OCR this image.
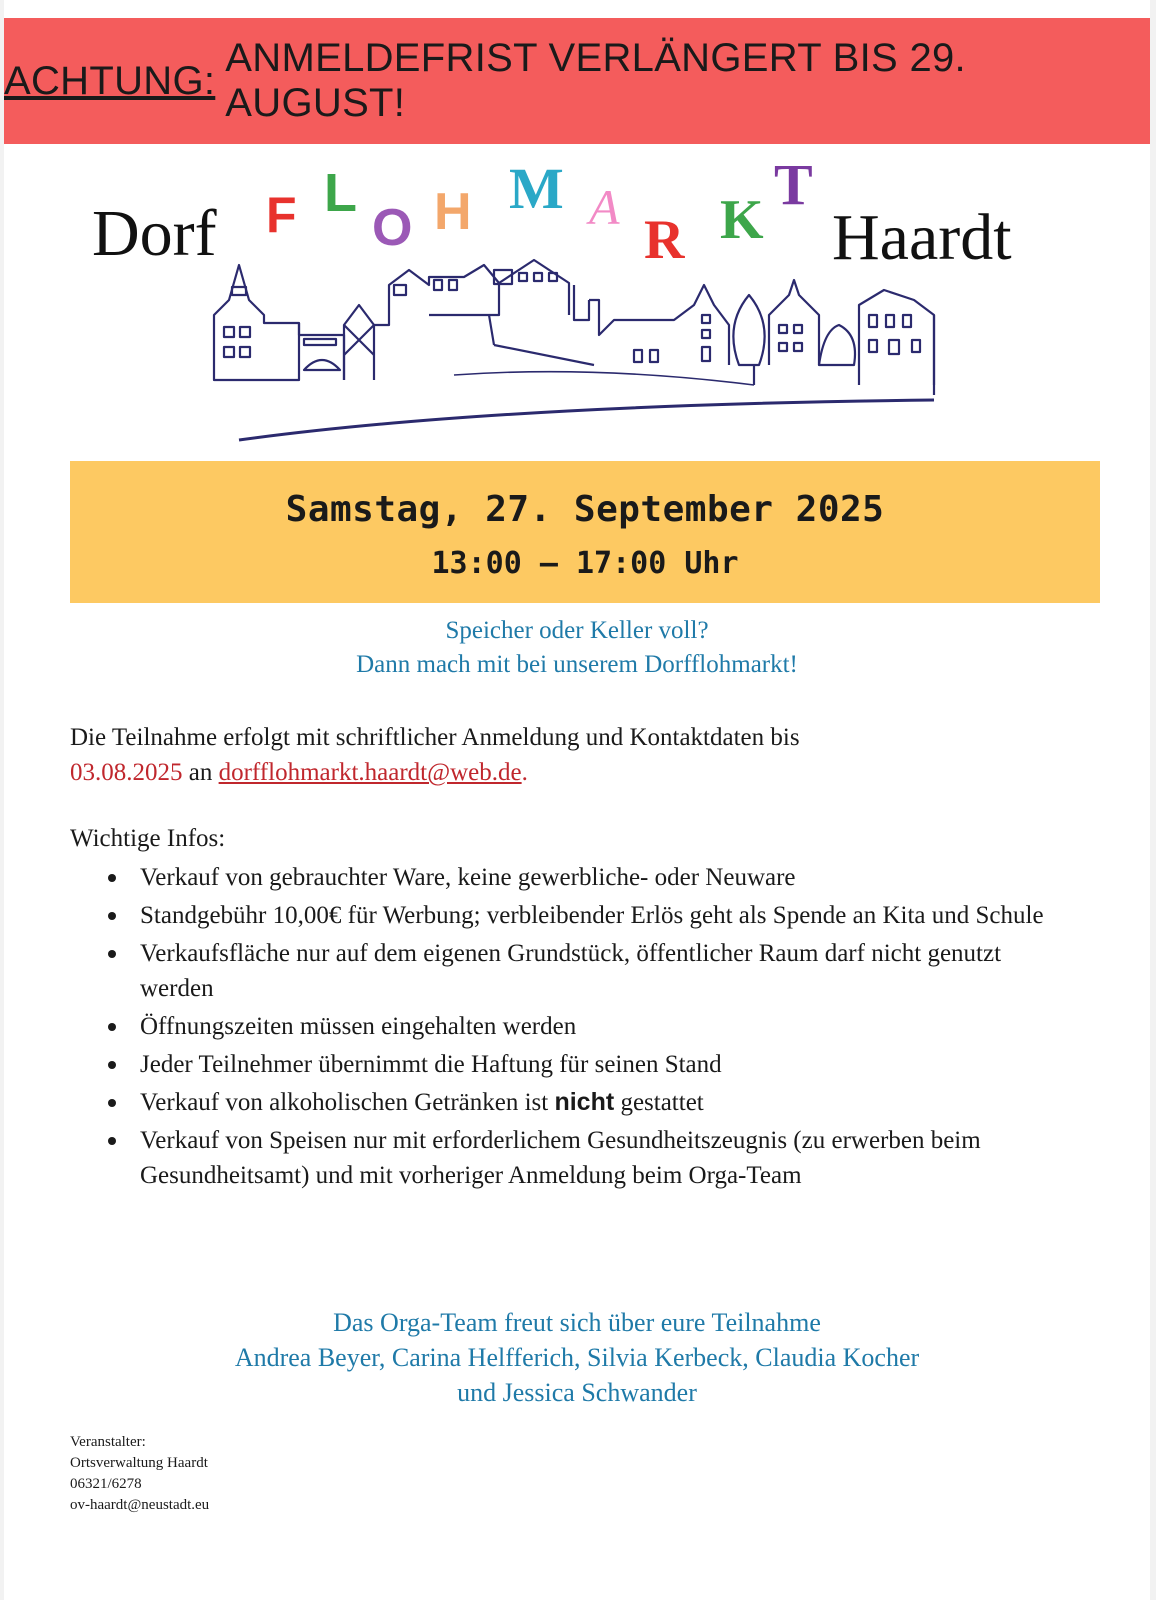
ACHTUNG:
ANMELDEFRIST VERLÄNGERT BIS 29. AUGUST!
Dorf	Haardt
F L
O H M A
R K
T
Samstag, 27. September 2025
13:00 – 17:00 Uhr
Speicher oder Keller voll?
Dann mach mit bei unserem Dorfflohmarkt!
Die Teilnahme erfolgt mit schriftlicher Anmeldung und Kontaktdaten bis
03.08.2025 an dorfflohmarkt.haardt@web.de.
Wichtige Infos:
Verkauf von gebrauchter Ware, keine gewerbliche- oder Neuware
Standgebühr 10,00€ für Werbung; verbleibender Erlös geht als Spende an Kita und Schule
Verkaufsfläche nur auf dem eigenen Grundstück, öffentlicher Raum darf nicht genutzt werden
Öffnungszeiten müssen eingehalten werden
Jeder Teilnehmer übernimmt die Haftung für seinen Stand
Verkauf von alkoholischen Getränken ist nicht gestattet
Verkauf von Speisen nur mit erforderlichem Gesundheitszeugnis (zu erwerben beim Gesundheitsamt) und mit vorheriger Anmeldung beim Orga-Team
Das Orga-Team freut sich über eure Teilnahme
Andrea Beyer, Carina Helfferich, Silvia Kerbeck, Claudia Kocher
und Jessica Schwander
Veranstalter:
Ortsverwaltung Haardt
06321/6278
ov-haardt@neustadt.eu
